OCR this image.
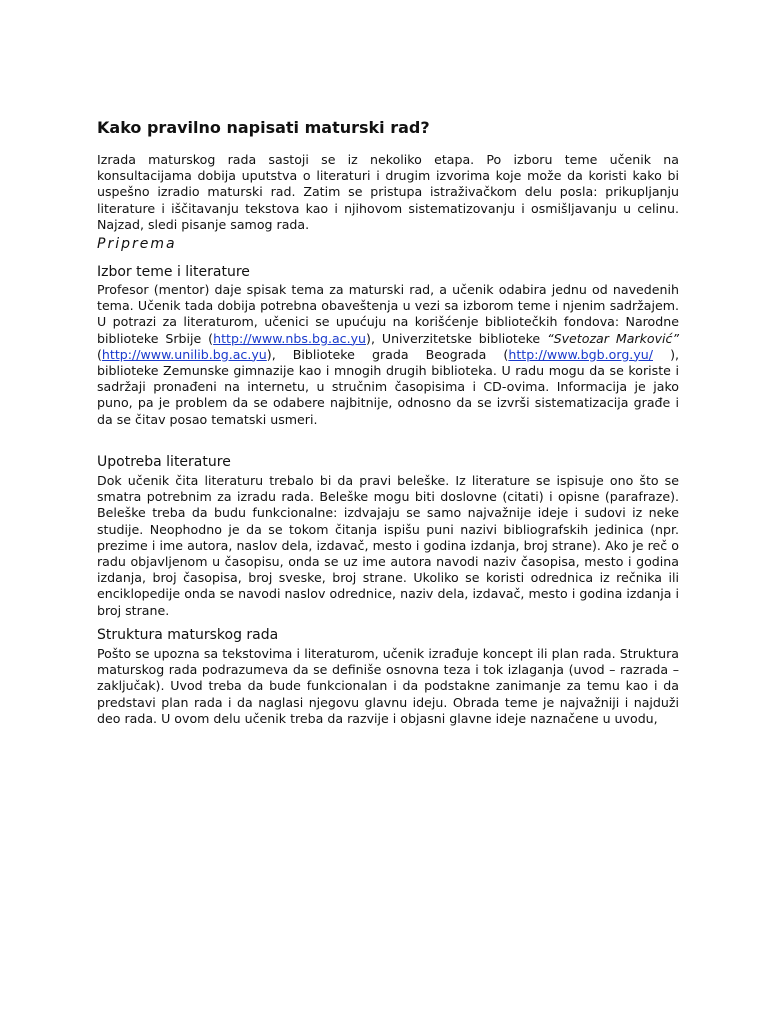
Kako pravilno napisati maturski rad?

Izrada maturskog rada sastoji se iz nekoliko etapa. Po izboru teme učenik na konsultacijama dobija uputstva o literaturi i drugim izvorima koje može da koristi kako bi uspešno izradio maturski rad. Zatim se pristupa istraživačkom delu posla: prikupljanju literature i iščitavanju tekstova kao i njihovom sistematizovanju i osmišljavanju u celinu. Najzad, sledi pisanje samog rada.

Priprema
Izbor teme i literature

Profesor (mentor) daje spisak tema za maturski rad, a učenik odabira jednu od navedenih tema. Učenik tada dobija potrebna obaveštenja u vezi sa izborom teme i njenim sadržajem. U potrazi za literaturom, učenici se upućuju na korišćenje bibliotečkih fondova: Narodne biblioteke Srbije (http://www.nbs.bg.ac.yu), Univerzitetske biblioteke “Svetozar Marković” (http://www.unilib.bg.ac.yu), Biblioteke grada Beograda (http://www.bgb.org.yu/ ), biblioteke Zemunske gimnazije kao i mnogih drugih biblioteka. U radu mogu da se koriste i sadržaji pronađeni na internetu, u stručnim časopisima i CD-ovima. Informacija je jako puno, pa je problem da se odabere najbitnije, odnosno da se izvrši sistematizacija građe i da se čitav posao tematski usmeri.

Upotreba literature

Dok učenik čita literaturu trebalo bi da pravi beleške. Iz literature se ispisuje ono što se smatra potrebnim za izradu rada. Beleške mogu biti doslovne (citati) i opisne (parafraze). Beleške treba da budu funkcionalne: izdvajaju se samo najvažnije ideje i sudovi iz neke studije. Neophodno je da se tokom čitanja ispišu puni nazivi bibliografskih jedinica (npr. prezime i ime autora, naslov dela, izdavač, mesto i godina izdanja, broj strane). Ako je reč o radu objavljenom u časopisu, onda se uz ime autora navodi naziv časopisa, mesto i godina izdanja, broj časopisa, broj sveske, broj strane. Ukoliko se koristi odrednica iz rečnika ili enciklopedije onda se navodi naslov odrednice, naziv dela, izdavač, mesto i godina izdanja i broj strane.

Struktura maturskog rada

Pošto se upozna sa tekstovima i literaturom, učenik izrađuje koncept ili plan rada. Struktura maturskog rada podrazumeva da se definiše osnovna teza i tok izlaganja (uvod – razrada – zaključak). Uvod treba da bude funkcionalan i da podstakne zanimanje za temu kao i da predstavi plan rada i da naglasi njegovu glavnu ideju. Obrada teme je najvažniji i najduži deo rada. U ovom delu učenik treba da razvije i objasni glavne ideje naznačene u uvodu,
